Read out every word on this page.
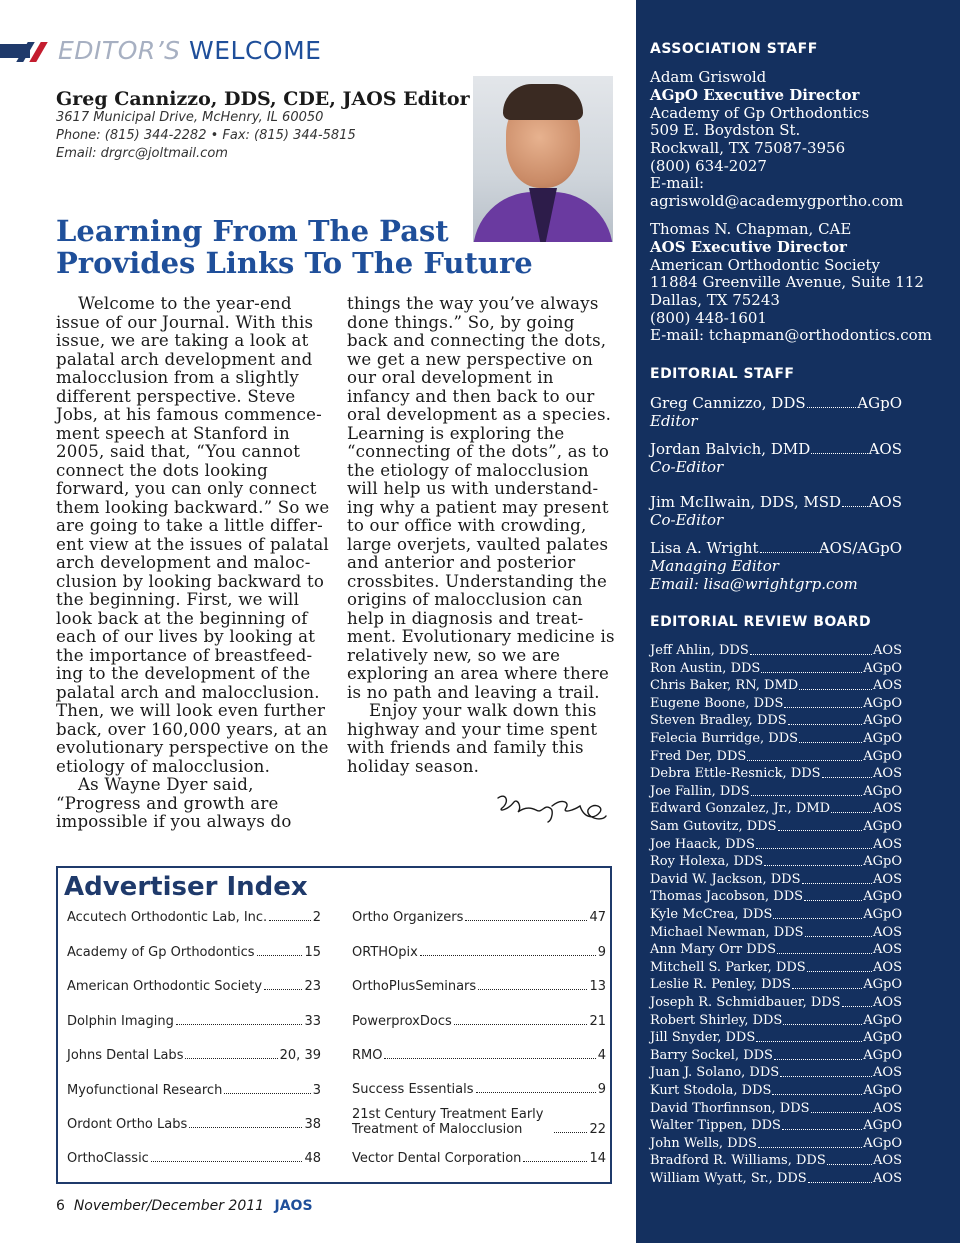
EDITOR’S WELCOME
Greg Cannizzo, DDS, CDE, JAOS Editor
3617 Municipal Drive, McHenry, IL 60050
Phone: (815) 344-2282 • Fax: (815) 344-5815
Email: drgrc@joltmail.com
Learning From The Past
Provides Links To The Future

Welcome to the year-end issue of our Journal. With this issue, we are taking a look at palatal arch development and malocclusion from a slightly different perspective. Steve Jobs, at his famous commence-ment speech at Stanford in 2005, said that, “You cannot connect the dots looking forward, you can only connect them looking backward.” So we are going to take a little differ-ent view at the issues of palatal arch development and maloc-clusion by looking backward to the beginning. First, we will look back at the beginning of each of our lives by looking at the importance of breastfeed-ing to the development of the palatal arch and malocclusion. Then, we will look even further back, over 160,000 years, at an evolutionary perspective on the etiology of malocclusion.

As Wayne Dyer said, “Progress and growth are impossible if you always do

things the way you’ve always done things.” So, by going back and connecting the dots, we get a new perspective on our oral development in infancy and then back to our oral development as a species. Learning is exploring the “connecting of the dots”, as to the etiology of malocclusion will help us with understand-ing why a patient may present to our office with crowding, large overjets, vaulted palates and anterior and posterior crossbites. Understanding the origins of malocclusion can help in diagnosis and treat-ment. Evolutionary medicine is relatively new, so we are exploring an area where there is no path and leaving a trail.

Enjoy your walk down this highway and your time spent with friends and family this holiday season.

Advertiser Index
Accutech Orthodontic Lab, Inc.	2
Academy of Gp Orthodontics	15
American Orthodontic Society	23
Dolphin Imaging	33
Johns Dental Labs	20, 39
Myofunctional Research	3
Ordont Ortho Labs	38
OrthoClassic	48
Ortho Organizers	47
ORTHOpix	9
OrthoPlusSeminars	13
PowerproxDocs	21
RMO	4
Success Essentials	9
21st Century Treatment Early Treatment of Malocclusion	22
Vector Dental Corporation	14
6 November/December 2011 JAOS
ASSOCIATION STAFF
Adam Griswold
AGpO Executive Director
Academy of Gp Orthodontics
509 E. Boydston St.
Rockwall, TX 75087-3956
(800) 634-2027
E-mail:
agriswold@academygportho.com
Thomas N. Chapman, CAE
AOS Executive Director
American Orthodontic Society
11884 Greenville Avenue, Suite 112
Dallas, TX 75243
(800) 448-1601
E-mail: tchapman@orthodontics.com
EDITORIAL STAFF
Greg Cannizzo, DDS	AGpO
Editor
Jordan Balvich, DMD	AOS
Co-Editor
Jim McIlwain, DDS, MSD AOS
Co-Editor
Lisa A. Wright	AOS/AGpO
Managing Editor
Email: lisa@wrightgrp.com
EDITORIAL REVIEW BOARD
Jeff Ahlin, DDS	AOS
Ron Austin, DDS	AGpO
Chris Baker, RN, DMD	AOS
Eugene Boone, DDS	AGpO
Steven Bradley, DDS	AGpO
Felecia Burridge, DDS	AGpO
Fred Der, DDS	AGpO
Debra Ettle-Resnick, DDS	AOS
Joe Fallin, DDS	AGpO
Edward Gonzalez, Jr., DMD	AOS
Sam Gutovitz, DDS	AGpO
Joe Haack, DDS	AOS
Roy Holexa, DDS	AGpO
David W. Jackson, DDS	AOS
Thomas Jacobson, DDS	AGpO
Kyle McCrea, DDS	AGpO
Michael Newman, DDS	AOS
Ann Mary Orr DDS	AOS
Mitchell S. Parker, DDS	AOS
Leslie R. Penley, DDS	AGpO
Joseph R. Schmidbauer, DDS AOS
Robert Shirley, DDS	AGpO
Jill Snyder, DDS	AGpO
Barry Sockel, DDS	AGpO
Juan J. Solano, DDS	AOS
Kurt Stodola, DDS	AGpO
David Thorfinnson, DDS	AOS
Walter Tippen, DDS	AGpO
John Wells, DDS	AGpO
Bradford R. Williams, DDS	AOS
William Wyatt, Sr., DDS	AOS
